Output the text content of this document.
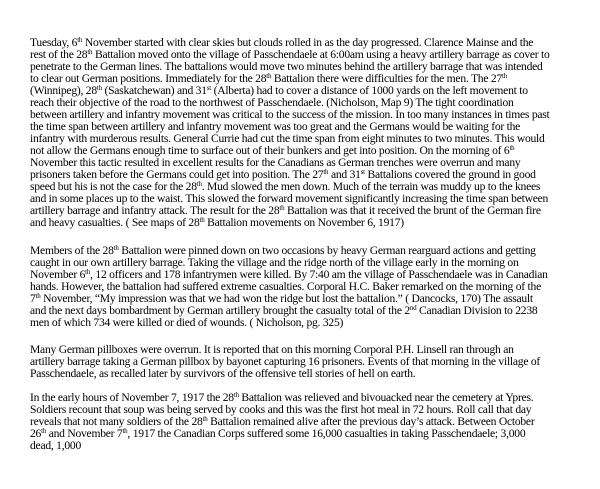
Tuesday, 6th November started with clear skies but clouds rolled in as the day progressed. Clarence Mainse and the
rest of the 28th Battalion moved onto the village of Passchendaele at 6:00am using a heavy artillery barrage as cover to
penetrate to the German lines. The battalions would move two minutes behind the artillery barrage that was intended
to clear out German positions. Immediately for the 28th Battalion there were difficulties for the men. The 27th
(Winnipeg), 28th (Saskatchewan) and 31st (Alberta) had to cover a distance of 1000 yards on the left movement to
reach their objective of the road to the northwest of Passchendaele. (Nicholson, Map 9) The tight coordination
between artillery and infantry movement was critical to the success of the mission. In too many instances in times past
the time span between artillery and infantry movement was too great and the Germans would be waiting for the
infantry with murderous results. General Currie had cut the time span from eight minutes to two minutes. This would
not allow the Germans enough time to surface out of their bunkers and get into position. On the morning of 6th
November this tactic resulted in excellent results for the Canadians as German trenches were overrun and many
prisoners taken before the Germans could get into position. The 27th and 31st Battalions covered the ground in good
speed but his is not the case for the 28th. Mud slowed the men down. Much of the terrain was muddy up to the knees
and in some places up to the waist. This slowed the forward movement significantly increasing the time span between
artillery barrage and infantry attack. The result for the 28th Battalion was that it received the brunt of the German fire
and heavy casualties. ( See maps of 28th Battalion movements on November 6, 1917)
Members of the 28th Battalion were pinned down on two occasions by heavy German rearguard actions and getting
caught in our own artillery barrage. Taking the village and the ridge north of the village early in the morning on
November 6th, 12 officers and 178 infantrymen were killed. By 7:40 am the village of Passchendaele was in Canadian
hands. However, the battalion had suffered extreme casualties. Corporal H.C. Baker remarked on the morning of the
7th November, “My impression was that we had won the ridge but lost the battalion.” ( Dancocks, 170) The assault
and the next days bombardment by German artillery brought the casualty total of the 2nd Canadian Division to 2238
men of which 734 were killed or died of wounds. ( Nicholson, pg. 325)
Many German pillboxes were overrun. It is reported that on this morning Corporal P.H. Linsell ran through an
artillery barrage taking a German pillbox by bayonet capturing 16 prisoners. Events of that morning in the village of
Passchendaele, as recalled later by survivors of the offensive tell stories of hell on earth.
In the early hours of November 7, 1917 the 28th Battalion was relieved and bivouacked near the cemetery at Ypres.
Soldiers recount that soup was being served by cooks and this was the first hot meal in 72 hours. Roll call that day
reveals that not many soldiers of the 28th Battalion remained alive after the previous day’s attack. Between October
26th and November 7th, 1917 the Canadian Corps suffered some 16,000 casualties in taking Passchendaele; 3,000
dead, 1,000
